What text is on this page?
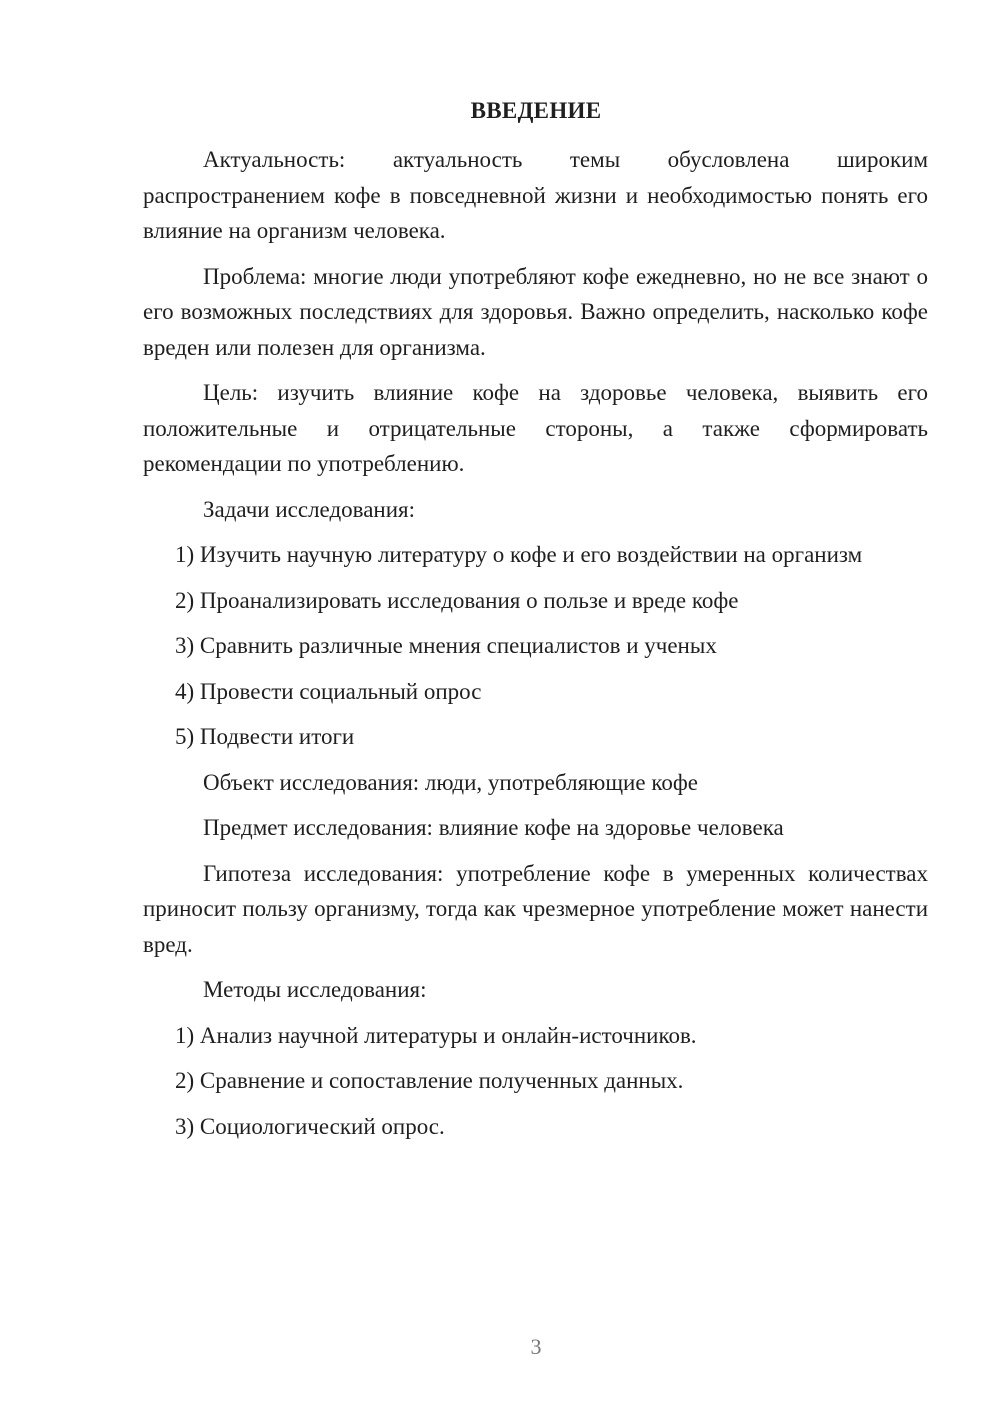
ВВЕДЕНИЕ

Актуальность: актуальность темы обусловлена широким распространением кофе в повседневной жизни и необходимостью понять его влияние на организм человека.

Проблема: многие люди употребляют кофе ежедневно, но не все знают о его возможных последствиях для здоровья. Важно определить, насколько кофе вреден или полезен для организма.

Цель: изучить влияние кофе на здоровье человека, выявить его положительные и отрицательные стороны, а также сформировать рекомендации по употреблению.

Задачи исследования:

1) Изучить научную литературу о кофе и его воздействии на организм

2) Проанализировать исследования о пользе и вреде кофе

3) Сравнить различные мнения специалистов и ученых

4) Провести социальный опрос

5) Подвести итоги

Объект исследования: люди, употребляющие кофе

Предмет исследования: влияние кофе на здоровье человека

Гипотеза исследования: употребление кофе в умеренных количествах приносит пользу организму, тогда как чрезмерное употребление может нанести вред.

Методы исследования:

1) Анализ научной литературы и онлайн-источников.

2) Сравнение и сопоставление полученных данных.

3) Социологический опрос.

3
